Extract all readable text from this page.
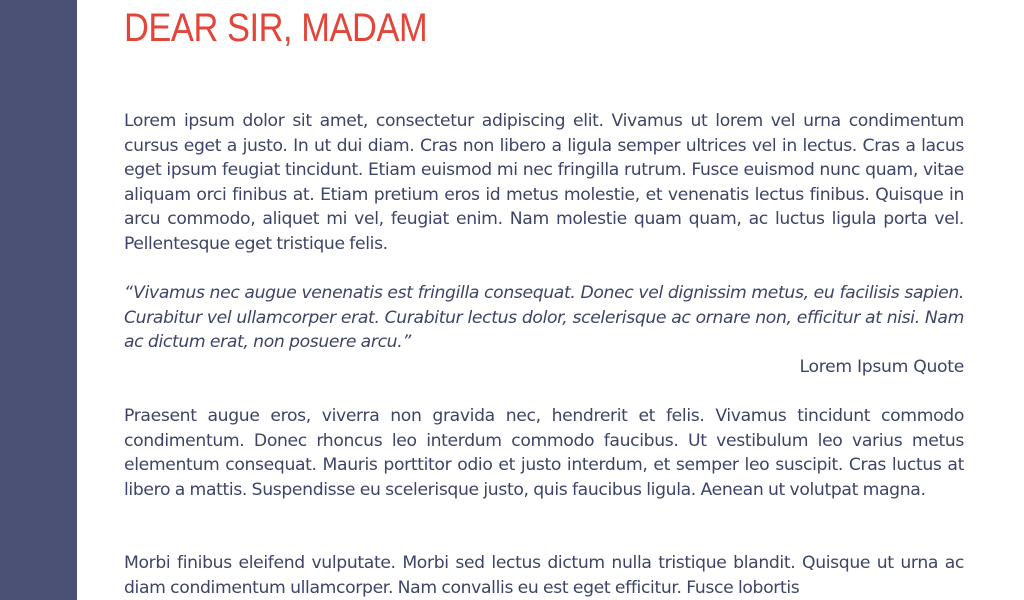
DEAR SIR, MADAM

Lorem ipsum dolor sit amet, consectetur adipiscing elit. Vivamus ut lorem vel urna condimentum cursus eget a justo. In ut dui diam. Cras non libero a ligula semper ultrices vel in lectus. Cras a lacus eget ipsum feugiat tincidunt. Etiam euismod mi nec fringilla rutrum. Fusce euismod nunc quam, vitae aliquam orci finibus at. Etiam pretium eros id metus molestie, et venenatis lectus finibus. Quisque in arcu commodo, aliquet mi vel, feugiat enim. Nam molestie quam quam, ac luctus ligula porta vel. Pellentesque eget tristique felis.

“Vivamus nec augue venenatis est fringilla consequat. Donec vel dignissim metus, eu facilisis sapien. Curabitur vel ullamcorper erat. Curabitur lectus dolor, scelerisque ac ornare non, efficitur at nisi. Nam ac dictum erat, non posuere arcu.”

Lorem Ipsum Quote

Praesent augue eros, viverra non gravida nec, hendrerit et felis. Vivamus tincidunt commodo condimentum. Donec rhoncus leo interdum commodo faucibus. Ut vestibulum leo varius metus elementum consequat. Mauris porttitor odio et justo interdum, et semper leo suscipit. Cras luctus at libero a mattis. Suspendisse eu scelerisque justo, quis faucibus ligula. Aenean ut volutpat magna.

Morbi finibus eleifend vulputate. Morbi sed lectus dictum nulla tristique blandit. Quisque ut urna ac diam condimentum ullamcorper. Nam convallis eu est eget efficitur. Fusce lobortis
